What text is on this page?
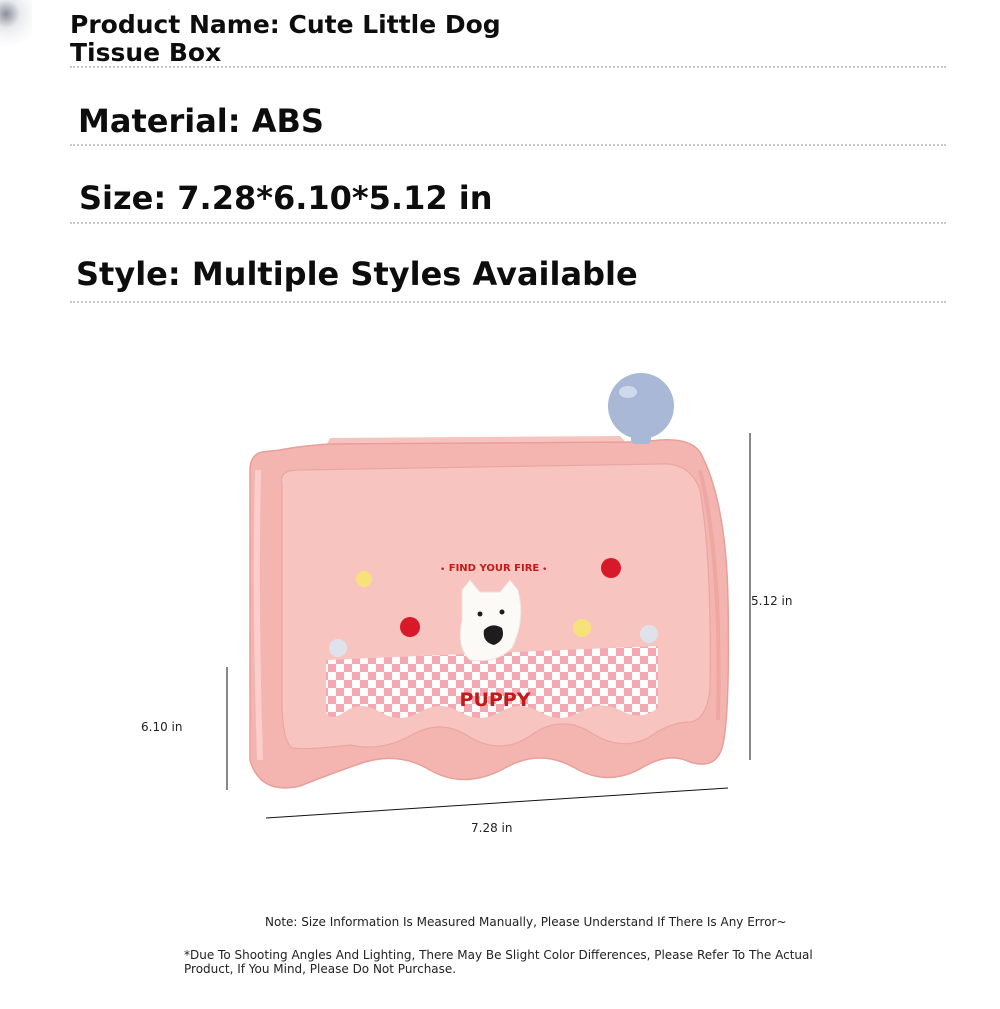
Product Name: Cute Little Dog Tissue Box
Material: ABS
Size: 7.28*6.10*5.12 in
Style: Multiple Styles Available
•	•
FIND YOUR FIRE
PUPPY
5.12 in
6.10 in
7.28 in
Note: Size Information Is Measured Manually, Please Understand If There Is Any Error~
*Due To Shooting Angles And Lighting, There May Be Slight Color Differences, Please Refer To The Actual Product, If You Mind, Please Do Not Purchase.
